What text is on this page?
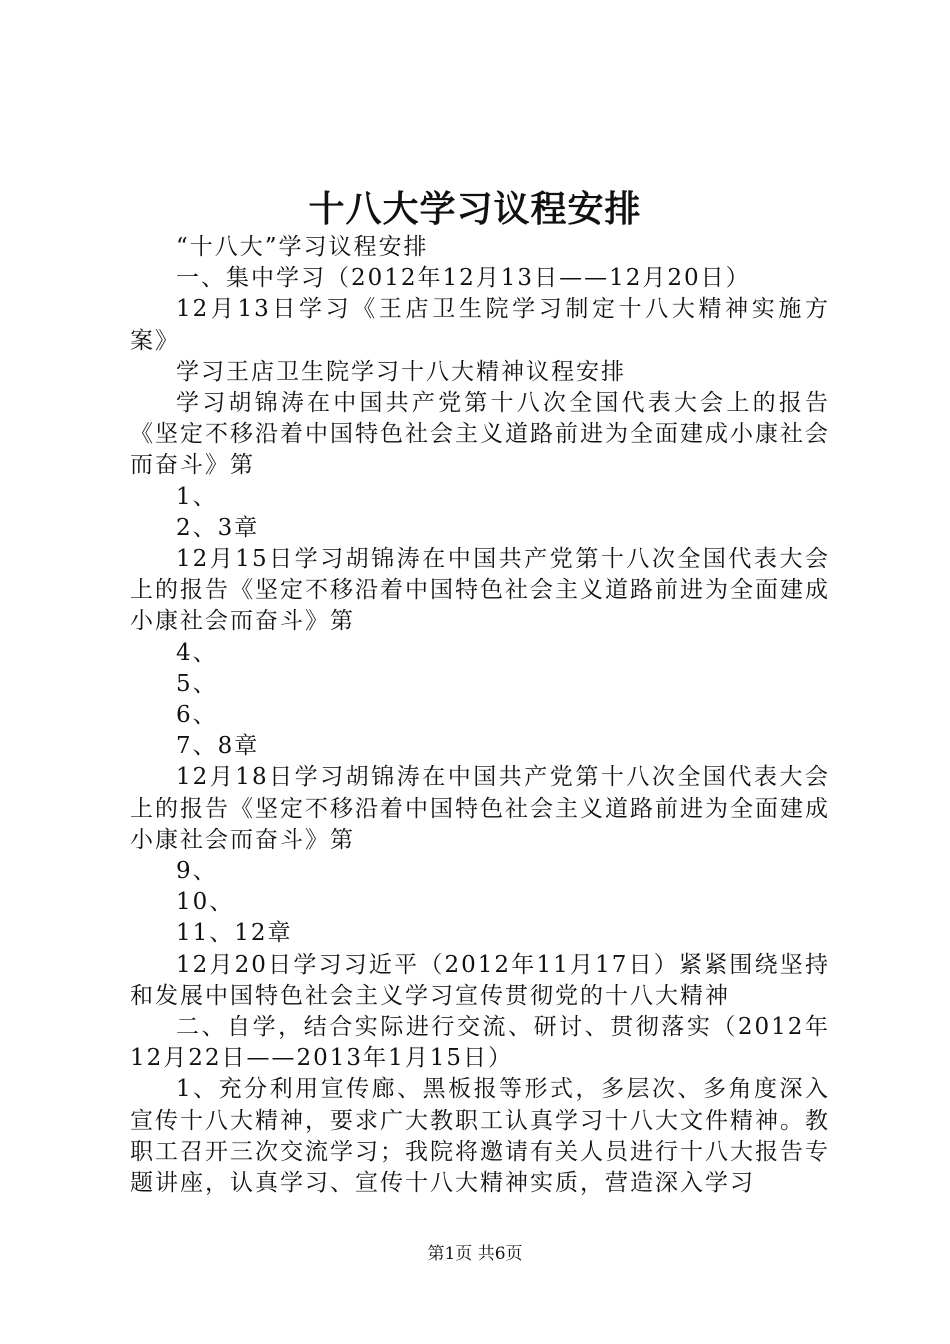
十八大学习议程安排

“十八大”学习议程安排

一、集中学习（2012年12月13日——12月20日）

12月13日学习《王店卫生院学习制定十八大精神实施方案》

学习王店卫生院学习十八大精神议程安排

学习胡锦涛在中国共产党第十八次全国代表大会上的报告《坚定不移沿着中国特色社会主义道路前进为全面建成小康社会而奋斗》第

1、

2、3章

12月15日学习胡锦涛在中国共产党第十八次全国代表大会上的报告《坚定不移沿着中国特色社会主义道路前进为全面建成小康社会而奋斗》第

4、

5、

6、

7、8章

12月18日学习胡锦涛在中国共产党第十八次全国代表大会上的报告《坚定不移沿着中国特色社会主义道路前进为全面建成小康社会而奋斗》第

9、

10、

11、12章

12月20日学习习近平（2012年11月17日）紧紧围绕坚持和发展中国特色社会主义学习宣传贯彻党的十八大精神

二、自学，结合实际进行交流、研讨、贯彻落实（2012年12月22日——2013年1月15日）

1、充分利用宣传廊、黑板报等形式，多层次、多角度深入宣传十八大精神，要求广大教职工认真学习十八大文件精神。教职工召开三次交流学习；我院将邀请有关人员进行十八大报告专题讲座，认真学习、宣传十八大精神实质，营造深入学习

第1页 共6页
